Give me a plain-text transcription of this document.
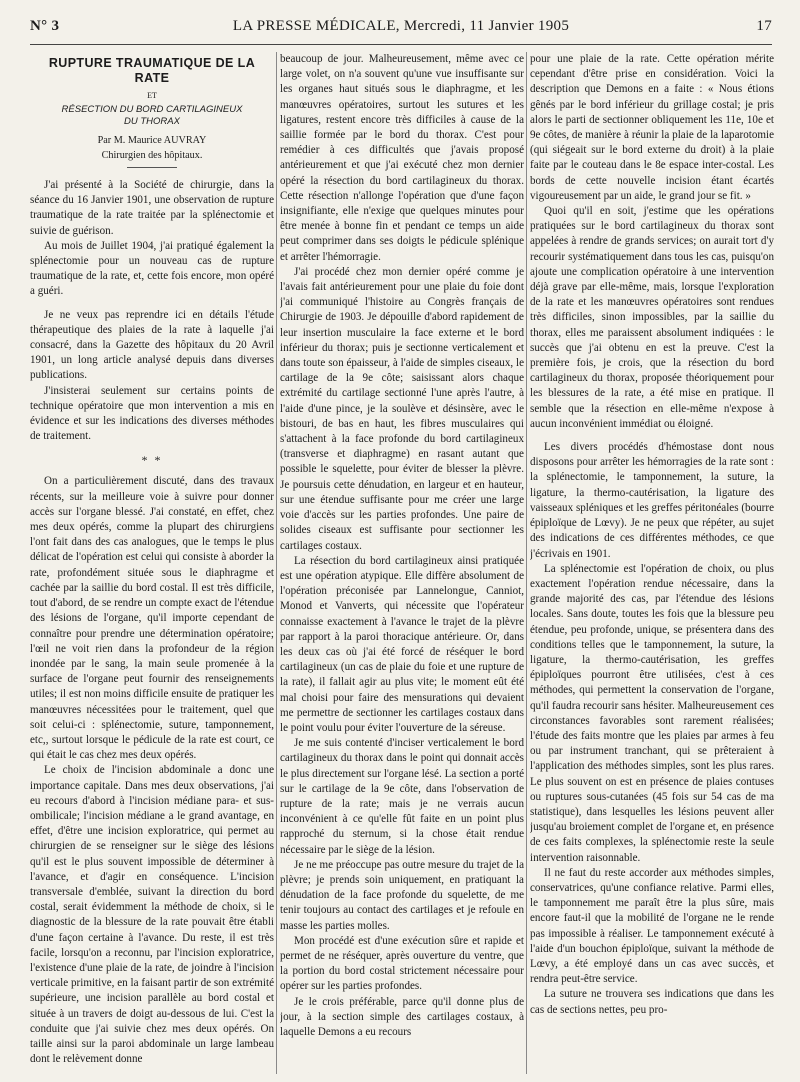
N° 3	LA PRESSE MÉDICALE, Mercredi, 11 Janvier 1905	17
RUPTURE TRAUMATIQUE DE LA RATE
ET
RÉSECTION DU BORD CARTILAGINEUX
DU THORAX
Par M. Maurice AUVRAY
Chirurgien des hôpitaux.

J'ai présenté à la Société de chirurgie, dans la séance du 16 Janvier 1901, une observation de rupture traumatique de la rate traitée par la splénectomie et suivie de guérison.

Au mois de Juillet 1904, j'ai pratiqué également la splénectomie pour un nouveau cas de rupture traumatique de la rate, et, cette fois encore, mon opéré a guéri.

Je ne veux pas reprendre ici en détails l'étude thérapeutique des plaies de la rate à laquelle j'ai consacré, dans la Gazette des hôpitaux du 20 Avril 1901, un long article analysé depuis dans diverses publications.

J'insisterai seulement sur certains points de technique opératoire que mon intervention a mis en évidence et sur les indications des diverses méthodes de traitement.

* *

On a particulièrement discuté, dans des travaux récents, sur la meilleure voie à suivre pour donner accès sur l'organe blessé. J'ai constaté, en effet, chez mes deux opérés, comme la plupart des chirurgiens l'ont fait dans des cas analogues, que le temps le plus délicat de l'opération est celui qui consiste à aborder la rate, profondément située sous le diaphragme et cachée par la saillie du bord costal. Il est très difficile, tout d'abord, de se rendre un compte exact de l'étendue des lésions de l'organe, qu'il importe cependant de connaître pour prendre une détermination opératoire; l'œil ne voit rien dans la profondeur de la région inondée par le sang, la main seule promenée à la surface de l'organe peut fournir des renseignements utiles; il est non moins difficile ensuite de pratiquer les manœuvres nécessitées pour le traitement, quel que soit celui-ci : splénectomie, suture, tamponnement, etc,, surtout lorsque le pédicule de la rate est court, ce qui était le cas chez mes deux opérés.

Le choix de l'incision abdominale a donc une importance capitale. Dans mes deux observations, j'ai eu recours d'abord à l'incision médiane para- et sus-ombilicale; l'incision médiane a le grand avantage, en effet, d'être une incision exploratrice, qui permet au chirurgien de se renseigner sur le siège des lésions qu'il est le plus souvent impossible de déterminer à l'avance, et d'agir en conséquence. L'incision transversale d'emblée, suivant la direction du bord costal, serait évidemment la méthode de choix, si le diagnostic de la blessure de la rate pouvait être établi d'une façon certaine à l'avance. Du reste, il est très facile, lorsqu'on a reconnu, par l'incision exploratrice, l'existence d'une plaie de la rate, de joindre à l'incision verticale primitive, en la faisant partir de son extrémité supérieure, une incision parallèle au bord costal et située à un travers de doigt au-dessous de lui. C'est la conduite que j'ai suivie chez mes deux opérés. On taille ainsi sur la paroi abdominale un large lambeau dont le relèvement donne

beaucoup de jour. Malheureusement, même avec ce large volet, on n'a souvent qu'une vue insuffisante sur les organes haut situés sous le diaphragme, et les manœuvres opératoires, surtout les sutures et les ligatures, restent encore très difficiles à cause de la saillie formée par le bord du thorax. C'est pour remédier à ces difficultés que j'avais proposé antérieurement et que j'ai exécuté chez mon dernier opéré la résection du bord cartilagineux du thorax. Cette résection n'allonge l'opération que d'une façon insignifiante, elle n'exige que quelques minutes pour être menée à bonne fin et pendant ce temps un aide peut comprimer dans ses doigts le pédicule splénique et arrêter l'hémorragie.

J'ai procédé chez mon dernier opéré comme je l'avais fait antérieurement pour une plaie du foie dont j'ai communiqué l'histoire au Congrès français de Chirurgie de 1903. Je dépouille d'abord rapidement de leur insertion musculaire la face externe et le bord inférieur du thorax; puis je sectionne verticalement et dans toute son épaisseur, à l'aide de simples ciseaux, le cartilage de la 9e côte; saisissant alors chaque extrémité du cartilage sectionné l'une après l'autre, à l'aide d'une pince, je la soulève et désinsère, avec le bistouri, de bas en haut, les fibres musculaires qui s'attachent à la face profonde du bord cartilagineux (transverse et diaphragme) en rasant autant que possible le squelette, pour éviter de blesser la plèvre. Je poursuis cette dénudation, en largeur et en hauteur, sur une étendue suffisante pour me créer une large voie d'accès sur les parties profondes. Une paire de solides ciseaux est suffisante pour sectionner les cartilages costaux.

La résection du bord cartilagineux ainsi pratiquée est une opération atypique. Elle diffère absolument de l'opération préconisée par Lannelongue, Canniot, Monod et Vanverts, qui nécessite que l'opérateur connaisse exactement à l'avance le trajet de la plèvre par rapport à la paroi thoracique antérieure. Or, dans les deux cas où j'ai été forcé de réséquer le bord cartilagineux (un cas de plaie du foie et une rupture de la rate), il fallait agir au plus vite; le moment eût été mal choisi pour faire des mensurations qui devaient me permettre de sectionner les cartilages costaux dans le point voulu pour éviter l'ouverture de la séreuse.

Je me suis contenté d'inciser verticalement le bord cartilagineux du thorax dans le point qui donnait accès le plus directement sur l'organe lésé. La section a porté sur le cartilage de la 9e côte, dans l'observation de rupture de la rate; mais je ne verrais aucun inconvénient à ce qu'elle fût faite en un point plus rapproché du sternum, si la chose était rendue nécessaire par le siège de la lésion.

Je ne me préoccupe pas outre mesure du trajet de la plèvre; je prends soin uniquement, en pratiquant la dénudation de la face profonde du squelette, de me tenir toujours au contact des cartilages et je refoule en masse les parties molles.

Mon procédé est d'une exécution sûre et rapide et permet de ne réséquer, après ouverture du ventre, que la portion du bord costal strictement nécessaire pour opérer sur les parties profondes.

Je le crois préférable, parce qu'il donne plus de jour, à la section simple des cartilages costaux, à laquelle Demons a eu recours

pour une plaie de la rate. Cette opération mérite cependant d'être prise en considération. Voici la description que Demons en a faite : « Nous étions gênés par le bord inférieur du grillage costal; je pris alors le parti de sectionner obliquement les 11e, 10e et 9e côtes, de manière à réunir la plaie de la laparotomie (qui siégeait sur le bord externe du droit) à la plaie faite par le couteau dans le 8e espace inter-costal. Les bords de cette nouvelle incision étant écartés vigoureusement par un aide, le grand jour se fit. »

Quoi qu'il en soit, j'estime que les opérations pratiquées sur le bord cartilagineux du thorax sont appelées à rendre de grands services; on aurait tort d'y recourir systématiquement dans tous les cas, puisqu'on ajoute une complication opératoire à une intervention déjà grave par elle-même, mais, lorsque l'exploration de la rate et les manœuvres opératoires sont rendues très difficiles, sinon impossibles, par la saillie du thorax, elles me paraissent absolument indiquées : le succès que j'ai obtenu en est la preuve. C'est la première fois, je crois, que la résection du bord cartilagineux du thorax, proposée théoriquement pour les blessures de la rate, a été mise en pratique. Il semble que la résection en elle-même n'expose à aucun inconvénient immédiat ou éloigné.

Les divers procédés d'hémostase dont nous disposons pour arrêter les hémorragies de la rate sont : la splénectomie, le tamponnement, la suture, la ligature, la thermo-cautérisation, la ligature des vaisseaux spléniques et les greffes péritonéales (bourre épiploïque de Lœvy). Je ne peux que répéter, au sujet des indications de ces différentes méthodes, ce que j'écrivais en 1901.

La splénectomie est l'opération de choix, ou plus exactement l'opération rendue nécessaire, dans la grande majorité des cas, par l'étendue des lésions locales. Sans doute, toutes les fois que la blessure peu étendue, peu profonde, unique, se présentera dans des conditions telles que le tamponnement, la suture, la ligature, la thermo-cautérisation, les greffes épiploïques pourront être utilisées, c'est à ces méthodes, qui permettent la conservation de l'organe, qu'il faudra recourir sans hésiter. Malheureusement ces circonstances favorables sont rarement réalisées; l'étude des faits montre que les plaies par armes à feu ou par instrument tranchant, qui se prêteraient à l'application des méthodes simples, sont les plus rares. Le plus souvent on est en présence de plaies contuses ou ruptures sous-cutanées (45 fois sur 54 cas de ma statistique), dans lesquelles les lésions peuvent aller jusqu'au broiement complet de l'organe et, en présence de ces faits complexes, la splénectomie reste la seule intervention raisonnable.

Il ne faut du reste accorder aux méthodes simples, conservatrices, qu'une confiance relative. Parmi elles, le tamponnement me paraît être la plus sûre, mais encore faut-il que la mobilité de l'organe ne le rende pas impossible à réaliser. Le tamponnement exécuté à l'aide d'un bouchon épiploïque, suivant la méthode de Lœvy, a été employé dans un cas avec succès, et rendra peut-être service.

La suture ne trouvera ses indications que dans les cas de sections nettes, peu pro-
